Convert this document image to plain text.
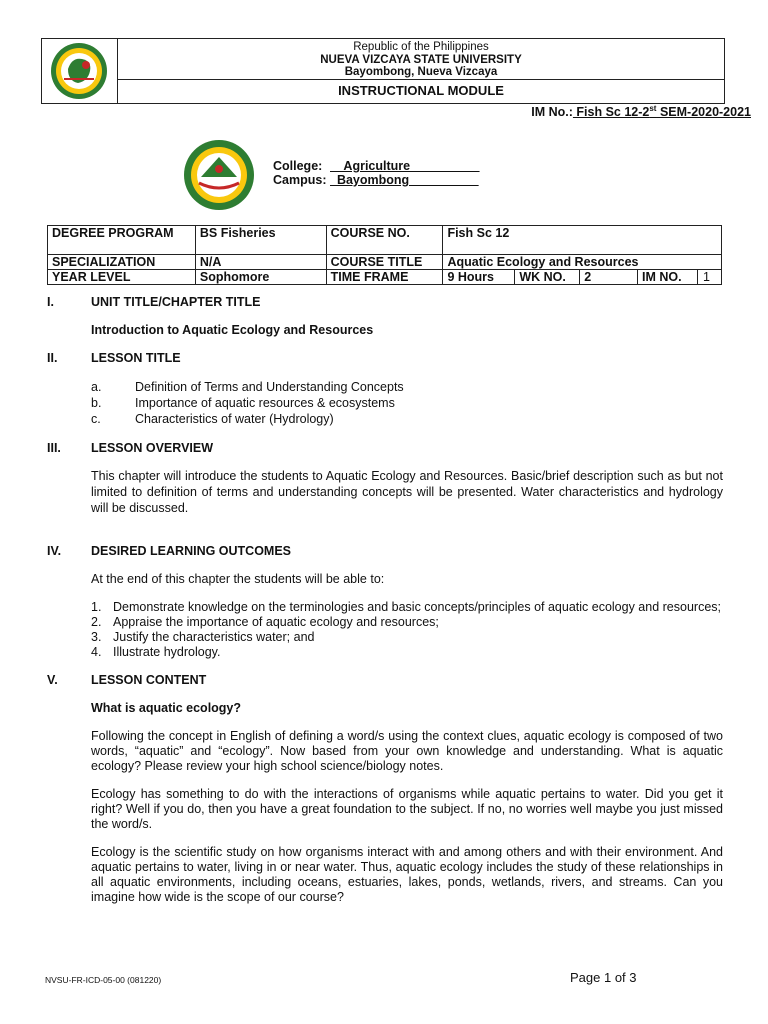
Republic of the Philippines
NUEVA VIZCAYA STATE UNIVERSITY
Bayombong, Nueva Vizcaya
INSTRUCTIONAL MODULE
IM No.: Fish Sc 12-2st SEM-2020-2021
College: Agriculture
Campus: Bayombong
DEGREE PROGRAM	BS Fisheries	COURSE NO.	Fish Sc 12			
SPECIALIZATION	N/A	COURSE TITLE	Aquatic Ecology and Resources			
YEAR LEVEL	Sophomore	TIME FRAME	9 Hours	WK NO.	2	IM NO. 1
I.	UNIT TITLE/CHAPTER TITLE
Introduction to Aquatic Ecology and Resources
II.	LESSON TITLE
a.	Definition of Terms and Understanding Concepts
b.	Importance of aquatic resources & ecosystems
c.	Characteristics of water (Hydrology)
III. LESSON OVERVIEW
This chapter will introduce the students to Aquatic Ecology and Resources. Basic/brief description such as but not limited to definition of terms and understanding concepts will be presented. Water characteristics and hydrology will be discussed.
IV. DESIRED LEARNING OUTCOMES
At the end of this chapter the students will be able to:
1. Demonstrate knowledge on the terminologies and basic concepts/principles of aquatic ecology and resources;
2. Appraise the importance of aquatic ecology and resources;
3. Justify the characteristics water; and
4. Illustrate hydrology.
V.	LESSON CONTENT
What is aquatic ecology?
Following the concept in English of defining a word/s using the context clues, aquatic ecology is composed of two words, “aquatic” and “ecology”. Now based from your own knowledge and understanding. What is aquatic ecology? Please review your high school science/biology notes.
Ecology has something to do with the interactions of organisms while aquatic pertains to water. Did you get it right? Well if you do, then you have a great foundation to the subject. If no, no worries well maybe you just missed the word/s.
Ecology is the scientific study on how organisms interact with and among others and with their environment. And aquatic pertains to water, living in or near water. Thus, aquatic ecology includes the study of these relationships in all aquatic environments, including oceans, estuaries, lakes, ponds, wetlands, rivers, and streams. Can you imagine how wide is the scope of our course?
NVSU-FR-ICD-05-00 (081220)	Page 1 of 3
